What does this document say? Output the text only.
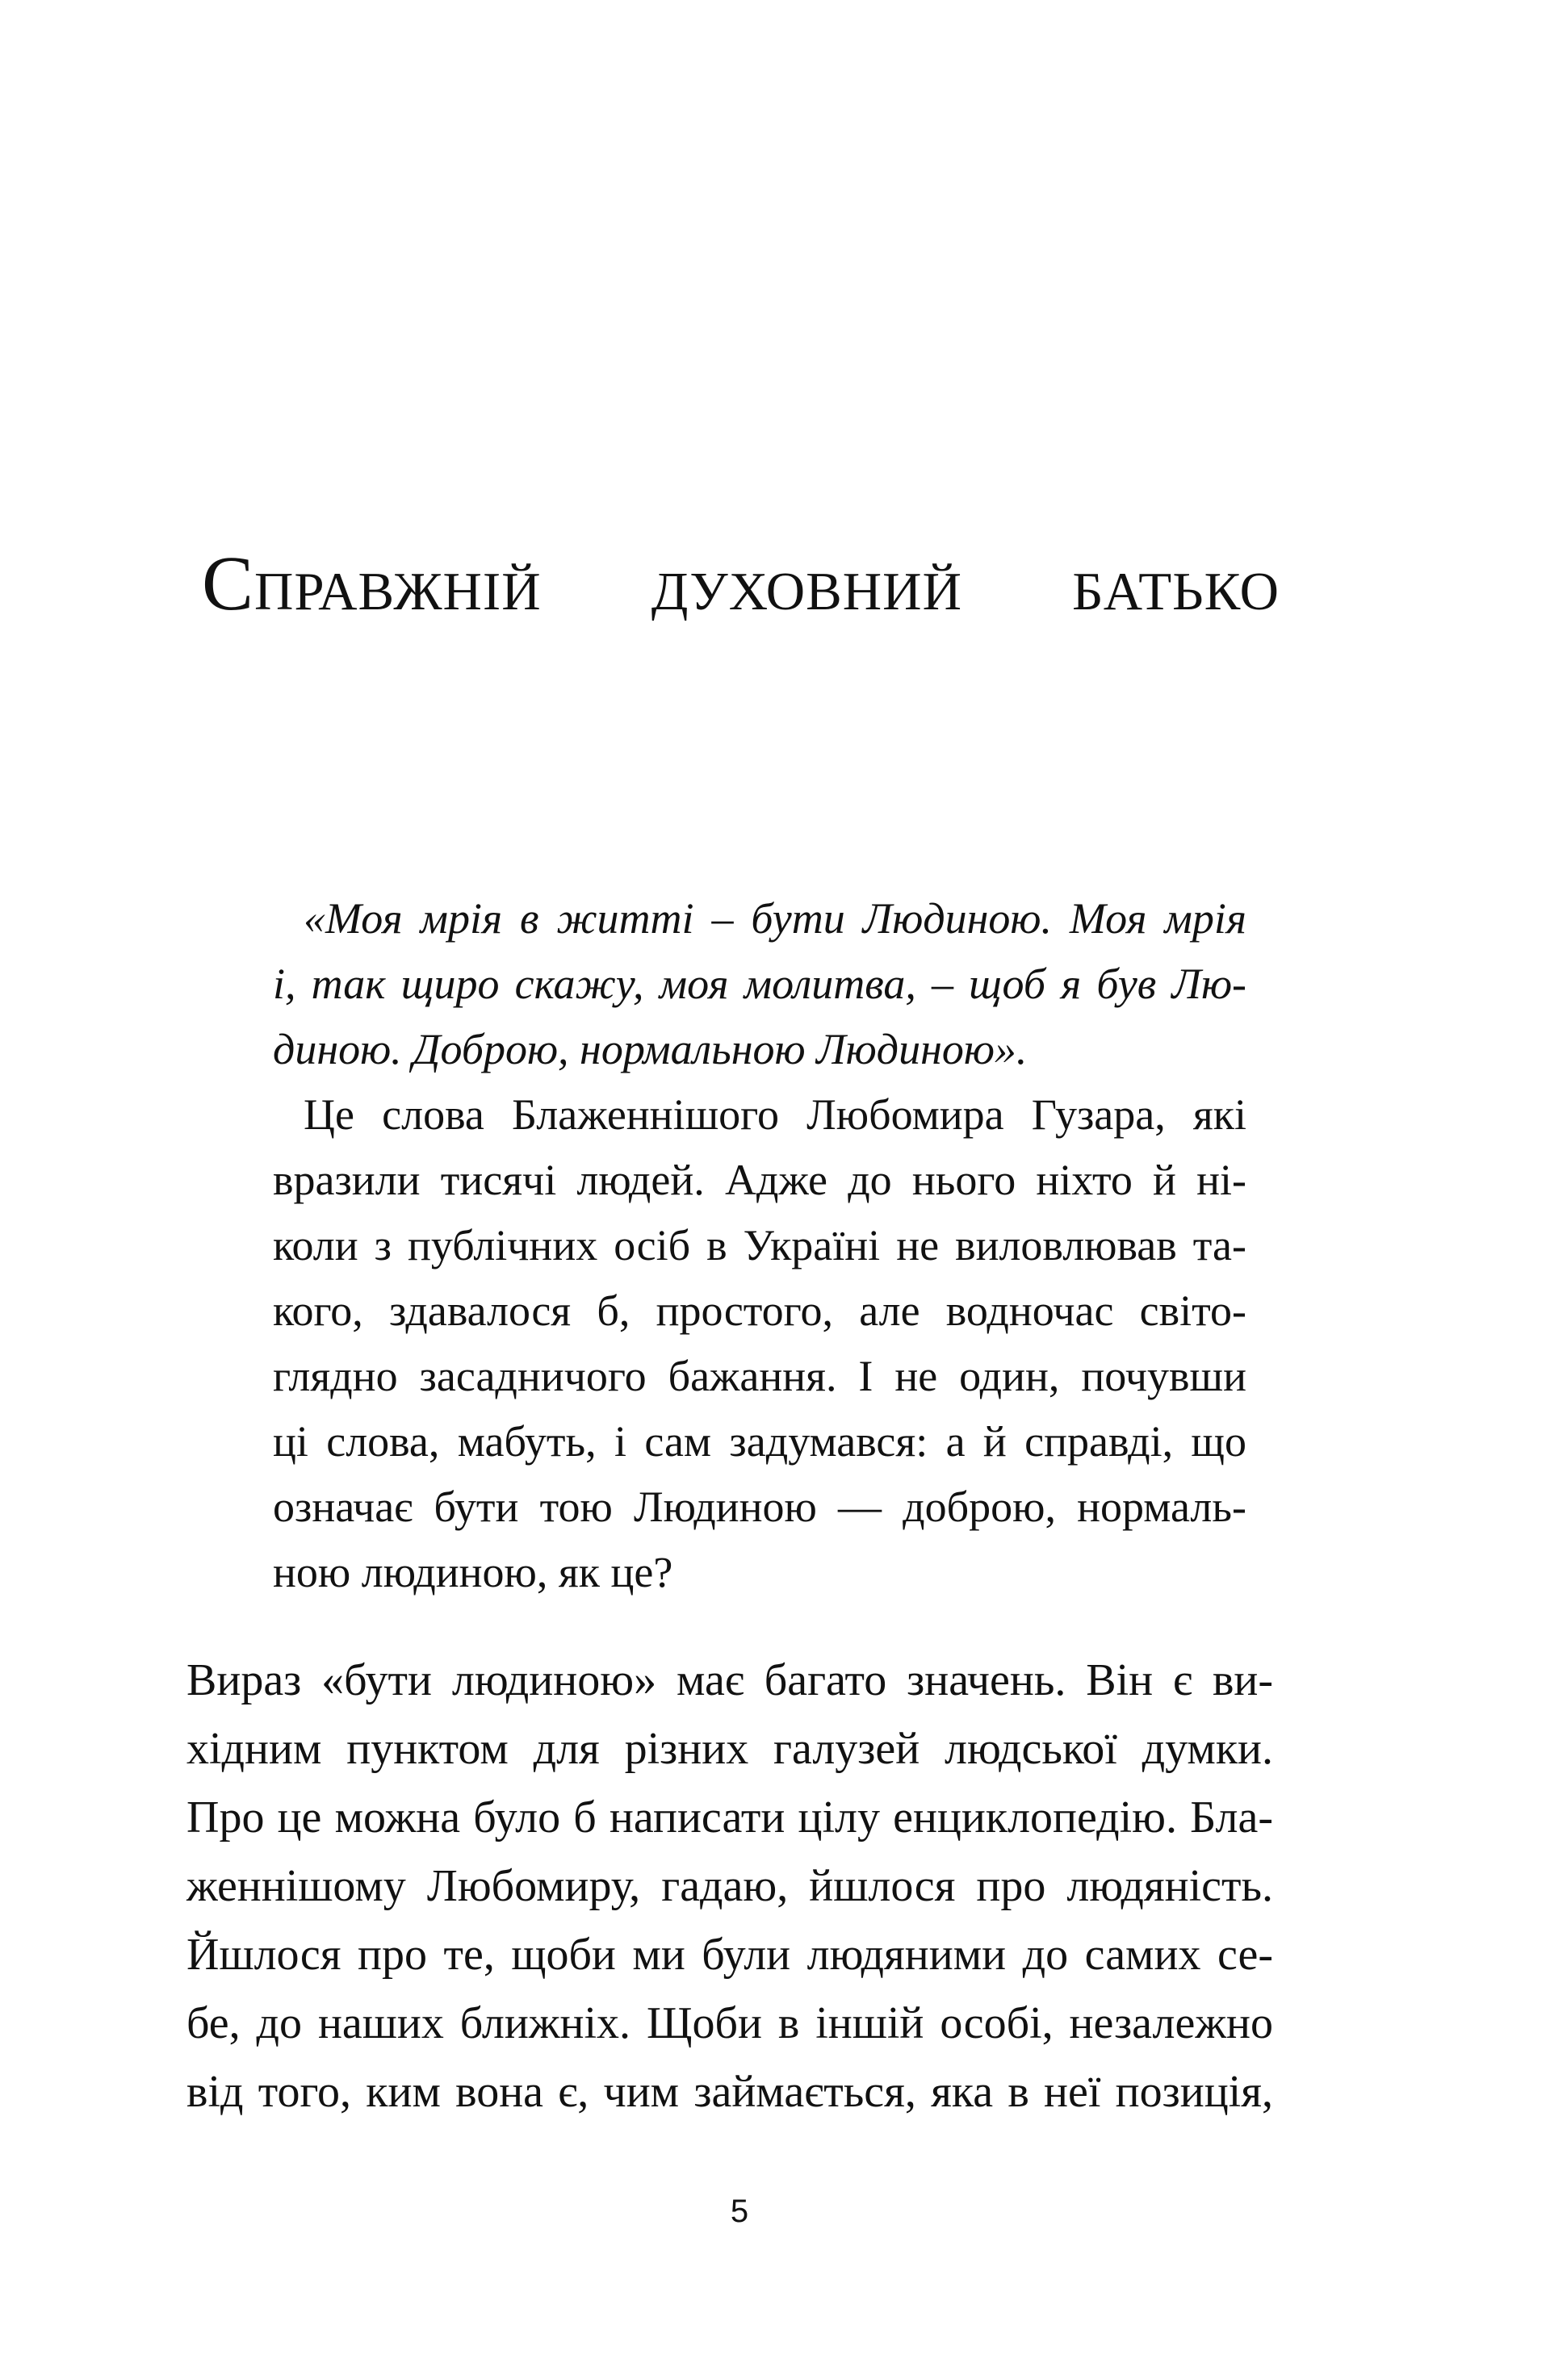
Справжній духовний батько
«Моя мрія в житті – бути Людиною. Моя мрія
і, так щиро скажу, моя молитва, – щоб я був Лю-
диною. Доброю, нормальною Людиною».
Це слова Блаженнішого Любомира Гузара, які
вразили тисячі людей. Адже до нього ніхто й ні-
коли з публічних осіб в Україні не виловлював та-
кого, здавалося б, простого, але водночас світо-
глядно засадничого бажання. І не один, почувши
ці слова, мабуть, і сам задумався: а й справді, що
означає бути тою Людиною — доброю, нормаль-
ною людиною, як це?
Вираз «бути людиною» має багато значень. Він є ви-
хідним пунктом для різних галузей людської думки.
Про це можна було б написати цілу енциклопедію. Бла-
женнішому Любомиру, гадаю, йшлося про людяність.
Йшлося про те, щоби ми були людяними до самих се-
бе, до наших ближніх. Щоби в іншій особі, незалежно
від того, ким вона є, чим займається, яка в неї позиція,
5
